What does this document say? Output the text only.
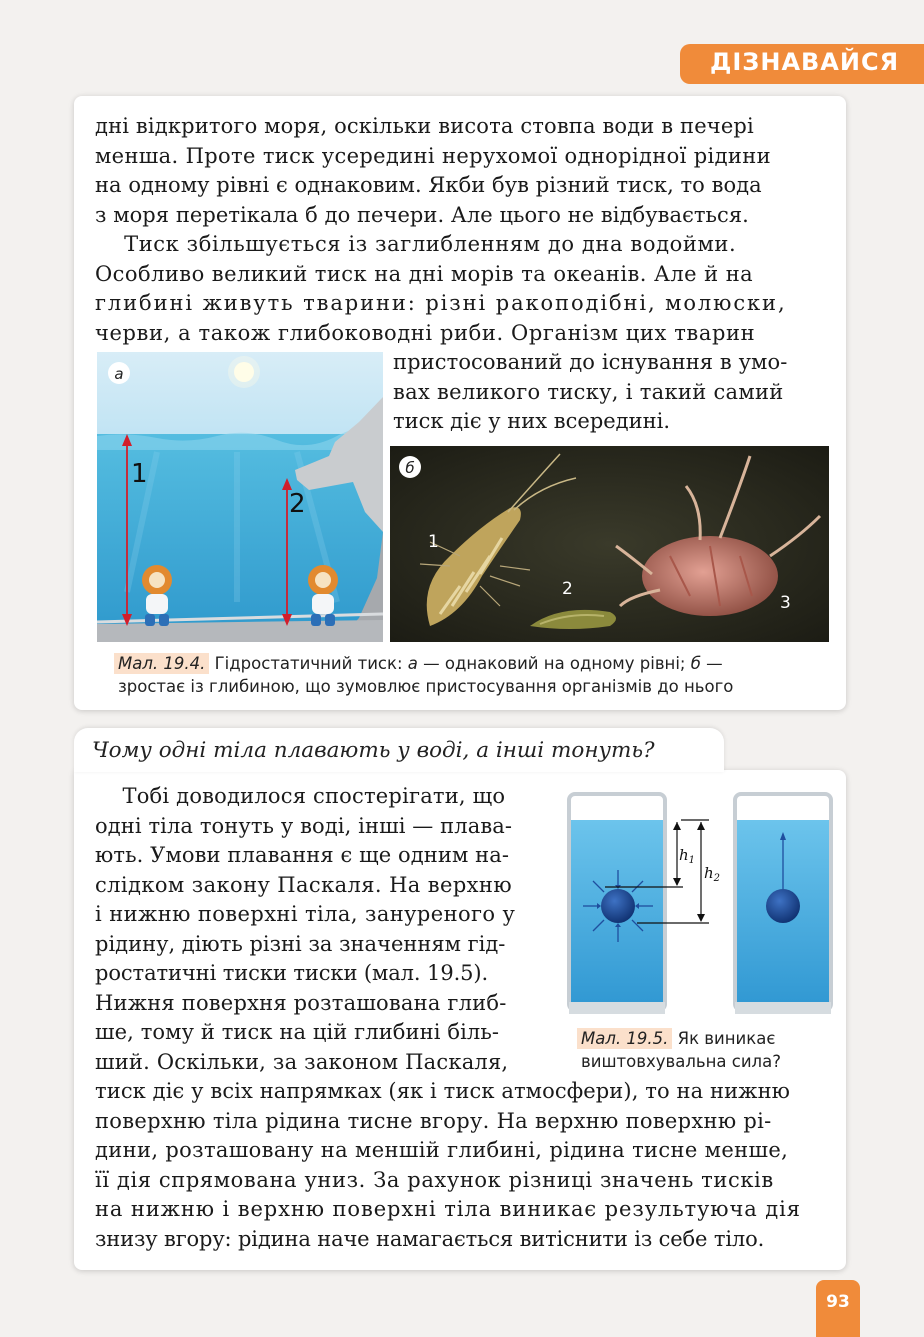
ДІЗНАВАЙСЯ
дні відкритого моря, оскільки висота стовпа води в печері
менша. Проте тиск усередині нерухомої однорідної рідини
на одному рівні є однаковим. Якби був різний тиск, то вода
з моря перетікала б до печери. Але цього не відбувається.
Тиск збільшується із заглибленням до дна водойми.
Особливо великий тиск на дні морів та океанів. Але й на
глибині живуть тварини: різні ракоподібні, молюски,
черви, а також глибоководні риби. Організм цих тварин
пристосований до існування в умо-
вах великого тиску, і такий самий
тиск діє у них всередині.
а
1
2
б
1
2
3
Мал. 19.4. Гідростатичний тиск: а — однаковий на одному рівні; б —
зростає із глибиною, що зумовлює пристосування організмів до нього
Чому одні тіла плавають у воді, а інші тонуть?
Тобі доводилося спостерігати, що
одні тіла тонуть у воді, інші — плава-
ють. Умови плавання є ще одним на-
слідком закону Паскаля. На верхню
і нижню поверхні тіла, зануреного у
рідину, діють різні за значенням гід-
ростатичні тиски тиски (мал. 19.5).
Нижня поверхня розташована глиб-
ше, тому й тиск на цій глибині біль-
ший. Оскільки, за законом Паскаля,
тиск діє у всіх напрямках (як і тиск атмосфери), то на нижню
поверхню тіла рідина тисне вгору. На верхню поверхню рі-
дини, розташовану на меншій глибині, рідина тисне менше,
її дія спрямована униз. За рахунок різниці значень тисків
на нижню і верхню поверхні тіла виникає результуюча дія
знизу вгору: рідина наче намагається витіснити із себе тіло.
$h_1$
$h_2$
Мал. 19.5. Як виникає
виштовхувальна сила?
93
